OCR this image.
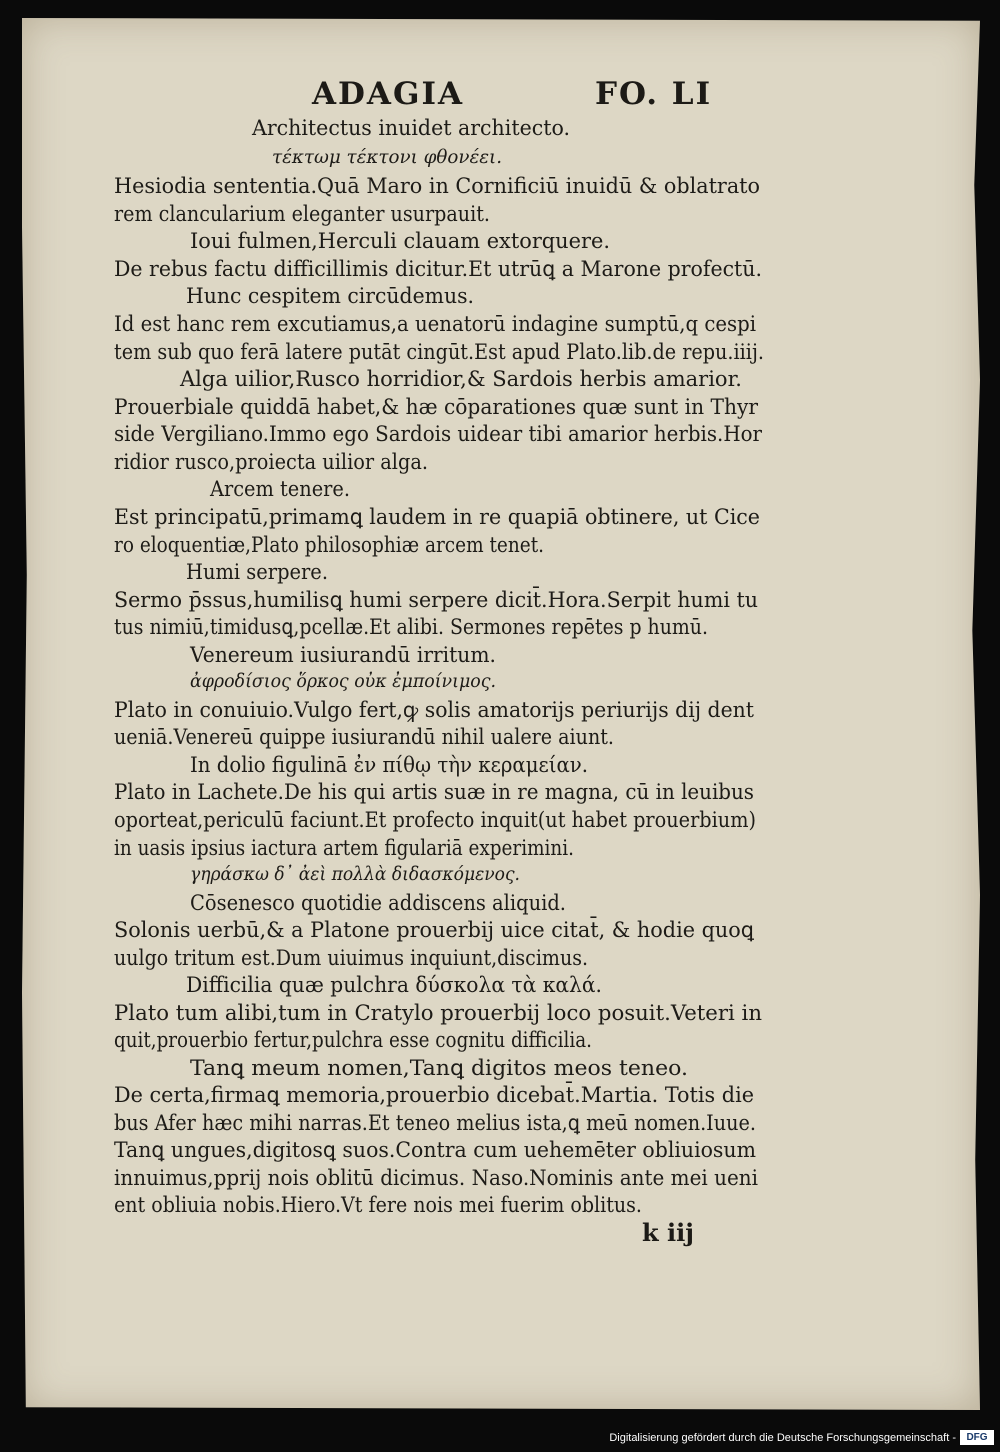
ADAGIA	FO. LI
Architectus inuidet architecto.
τέκτωμ τέκτονι φθονέει.
Hesiodia sententia.Quā Maro in Cornificiū inuidū & oblatrato
rem clancularium eleganter usurpauit.
Ioui fulmen,Herculi clauam extorquere.
De rebus factu difficillimis dicitur.Et utrūꝗ a Marone profectū.
Hunc cespitem circūdemus.
Id est hanc rem excutiamus,a uenatorū indagine sumptū,q cespi
tem sub quo ferā latere putāt cingūt.Est apud Plato.lib.de repu.iiij.
Alga uilior,Rusco horridior,& Sardois herbis amarior.
Prouerbiale quiddā habet,& hæ cōparationes quæ sunt in Thyr
side Vergiliano.Immo ego Sardois uidear tibi amarior herbis.Hor
ridior rusco,proiecta uilior alga.
Arcem tenere.
Est principatū,primamꝗ laudem in re quapiā obtinere, ut Cice
ro eloquentiæ,Plato philosophiæ arcem tenet.
Humi serpere.
Sermo p̄ssus,humilisꝗ humi serpere dicit̄.Hora.Serpit humi tu
tus nimiū,timidusꝗ,pcellæ.Et alibi. Sermones repētes p humū.
Venereum iusiurandū irritum.
ἀφροδίσιος ὅρκος οὐκ ἐμποίνιμος.
Plato in conuiuio.Vulgo fert,ꝙ solis amatorijs periurijs dij dent
ueniā.Venereū quippe iusiurandū nihil ualere aiunt.
In dolio figulinā ἐν πίθῳ τὴν κεραμείαν.
Plato in Lachete.De his qui artis suæ in re magna, cū in leuibus
oporteat,periculū faciunt.Et profecto inquit(ut habet prouerbium)
in uasis ipsius iactura artem figulariā experimini.
γηράσκω δ᾽ ἀεὶ πολλὰ διδασκόμενος.
Cōsenesco quotidie addiscens aliquid.
Solonis uerbū,& a Platone prouerbij uice citat̄, & hodie quoꝗ
uulgo tritum est.Dum uiuimus inquiunt,discimus.
Difficilia quæ pulchra δύσκολα τὰ καλά.
Plato tum alibi,tum in Cratylo prouerbij loco posuit.Veteri in
quit,prouerbio fertur,pulchra esse cognitu difficilia.
Tanꝗ meum nomen,Tanꝗ digitos meos teneo.
De certa,firmaꝗ memoria,prouerbio dicebat̄.Martia. Totis die
bus Afer hæc mihi narras.Et teneo melius ista,ꝗ meū nomen.Iuue.
Tanꝗ ungues,digitosꝗ suos.Contra cum uehemēter obliuiosum
innuimus,pprij nois oblitū dicimus. Naso.Nominis ante mei ueni
ent obliuia nobis.Hiero.Vt fere nois mei fuerim oblitus.
k iij
Digitalisierung gefördert durch die Deutsche Forschungsgemeinschaft -	DFG
